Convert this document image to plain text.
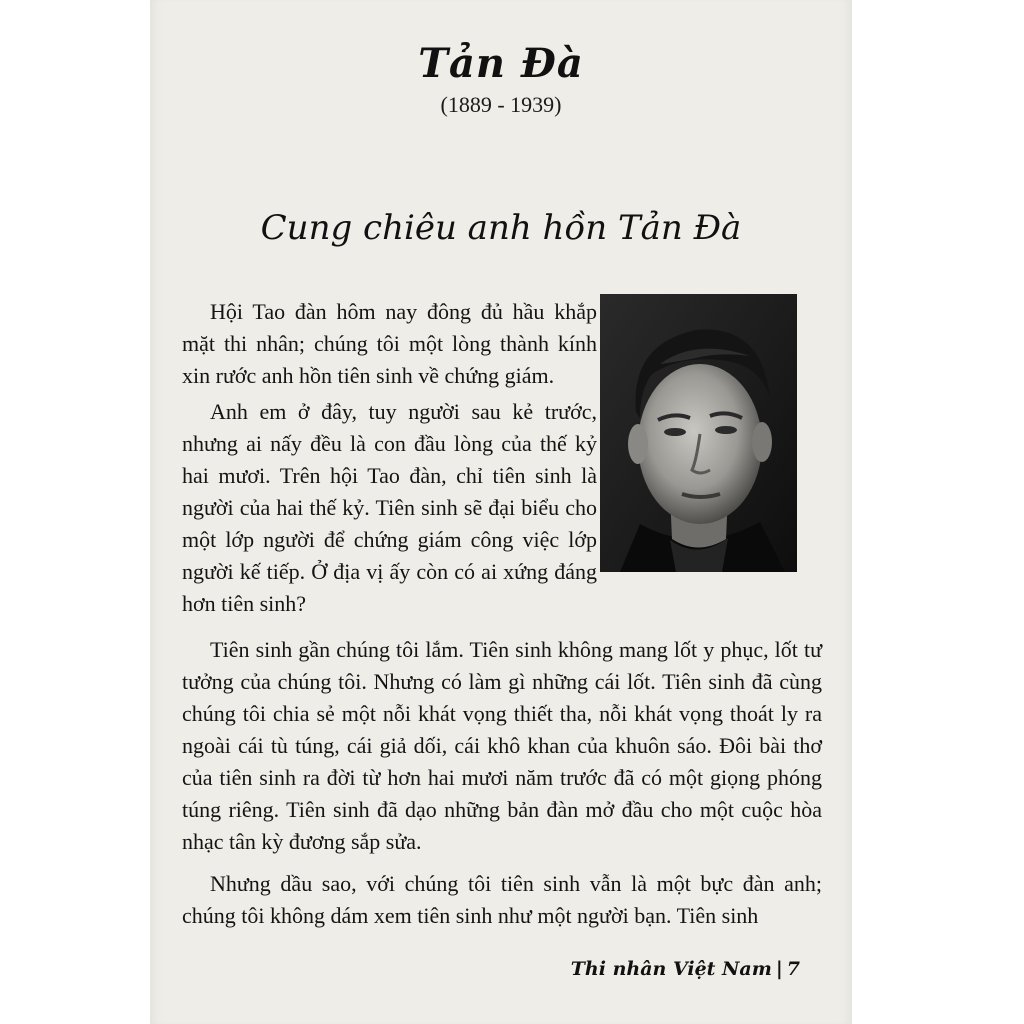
Tản Đà
(1889 - 1939)
Cung chiêu anh hồn Tản Đà

Hội Tao đàn hôm nay đông đủ hầu khắp mặt thi nhân; chúng tôi một lòng thành kính xin rước anh hồn tiên sinh về chứng giám.

Anh em ở đây, tuy người sau kẻ trước, nhưng ai nấy đều là con đầu lòng của thế kỷ hai mươi. Trên hội Tao đàn, chỉ tiên sinh là người của hai thế kỷ. Tiên sinh sẽ đại biểu cho một lớp người để chứng giám công việc lớp người kế tiếp. Ở địa vị ấy còn có ai xứng đáng hơn tiên sinh?

Tiên sinh gần chúng tôi lắm. Tiên sinh không mang lốt y phục, lốt tư tưởng của chúng tôi. Nhưng có làm gì những cái lốt. Tiên sinh đã cùng chúng tôi chia sẻ một nỗi khát vọng thiết tha, nỗi khát vọng thoát ly ra ngoài cái tù túng, cái giả dối, cái khô khan của khuôn sáo. Đôi bài thơ của tiên sinh ra đời từ hơn hai mươi năm trước đã có một giọng phóng túng riêng. Tiên sinh đã dạo những bản đàn mở đầu cho một cuộc hòa nhạc tân kỳ đương sắp sửa.

Nhưng dầu sao, với chúng tôi tiên sinh vẫn là một bực đàn anh; chúng tôi không dám xem tiên sinh như một người bạn. Tiên sinh

Thi nhân Việt Nam | 7
